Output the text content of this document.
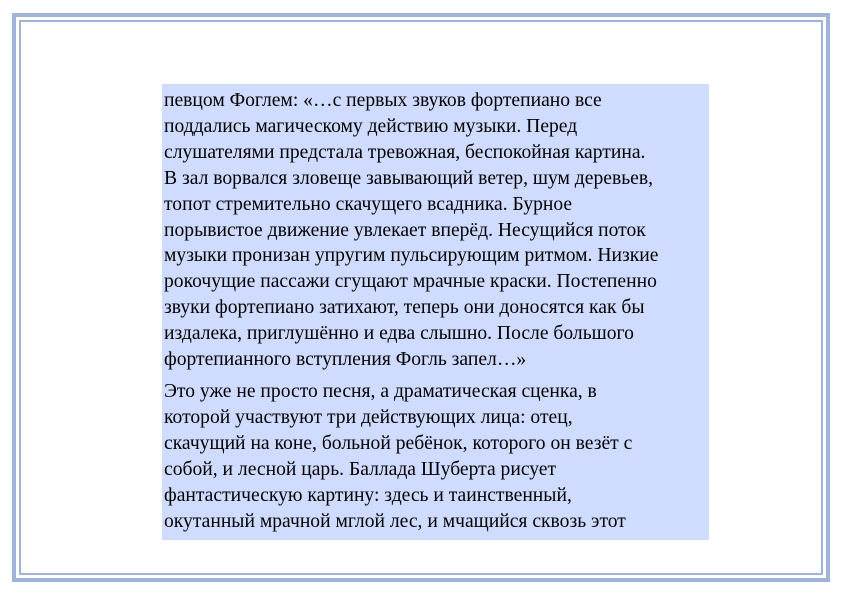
певцом Фоглем: «…с первых звуков фортепиано все
поддались магическому действию музыки. Перед
слушателями предстала тревожная, беспокойная картина.
В зал ворвался зловеще завывающий ветер, шум деревьев,
топот стремительно скачущего всадника. Бурное
порывистое движение увлекает вперёд. Несущийся поток
музыки пронизан упругим пульсирующим ритмом. Низкие
рокочущие пассажи сгущают мрачные краски. Постепенно
звуки фортепиано затихают, теперь они доносятся как бы
издалека, приглушённо и едва слышно. После большого
фортепианного вступления Фогль запел…»

Это уже не просто песня, а драматическая сценка, в
которой участвуют три действующих лица: отец,
скачущий на коне, больной ребёнок, которого он везёт с
собой, и лесной царь. Баллада Шуберта рисует
фантастическую картину: здесь и таинственный,
окутанный мрачной мглой лес, и мчащийся сквозь этот
